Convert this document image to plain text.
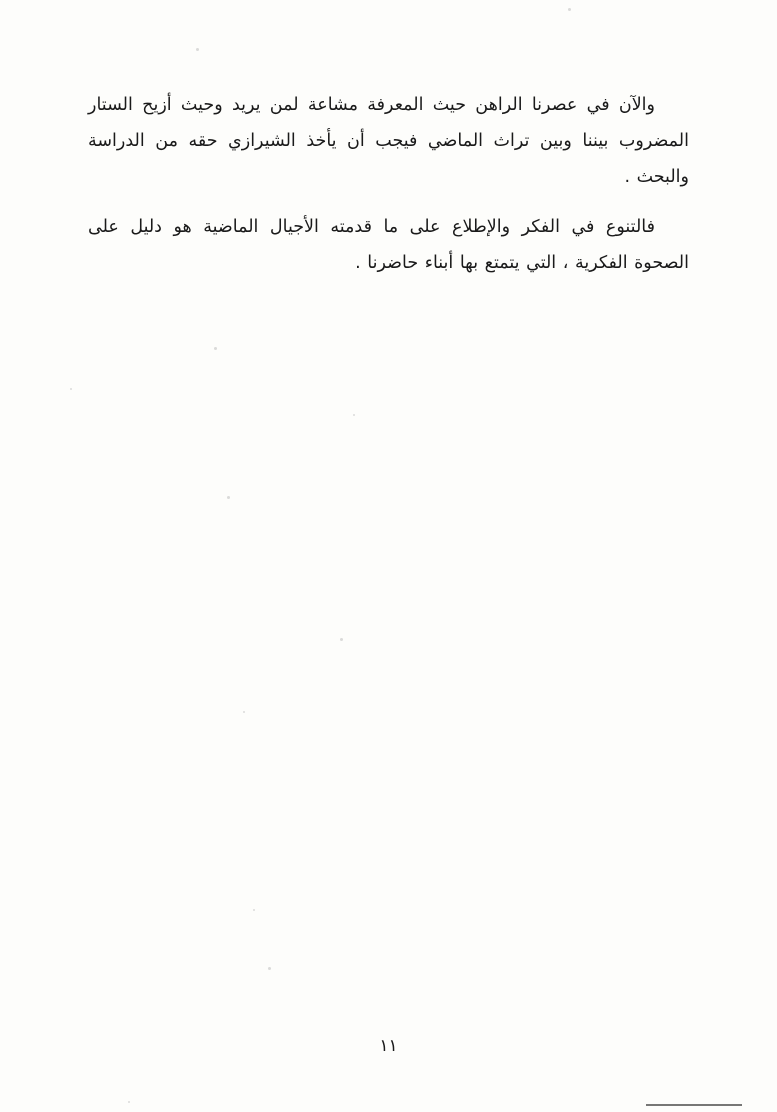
والآن في عصرنا الراهن حيث المعرفة مشاعة لمن يريد وحيث أزيح الستار المضروب بيننا وبين تراث الماضي فيجب أن يأخذ الشيرازي حقه من الدراسة والبحث .

فالتنوع في الفكر والإطلاع على ما قدمته الأجيال الماضية هو دليل على الصحوة الفكرية ، التي يتمتع بها أبناء حاضرنا .

١١
